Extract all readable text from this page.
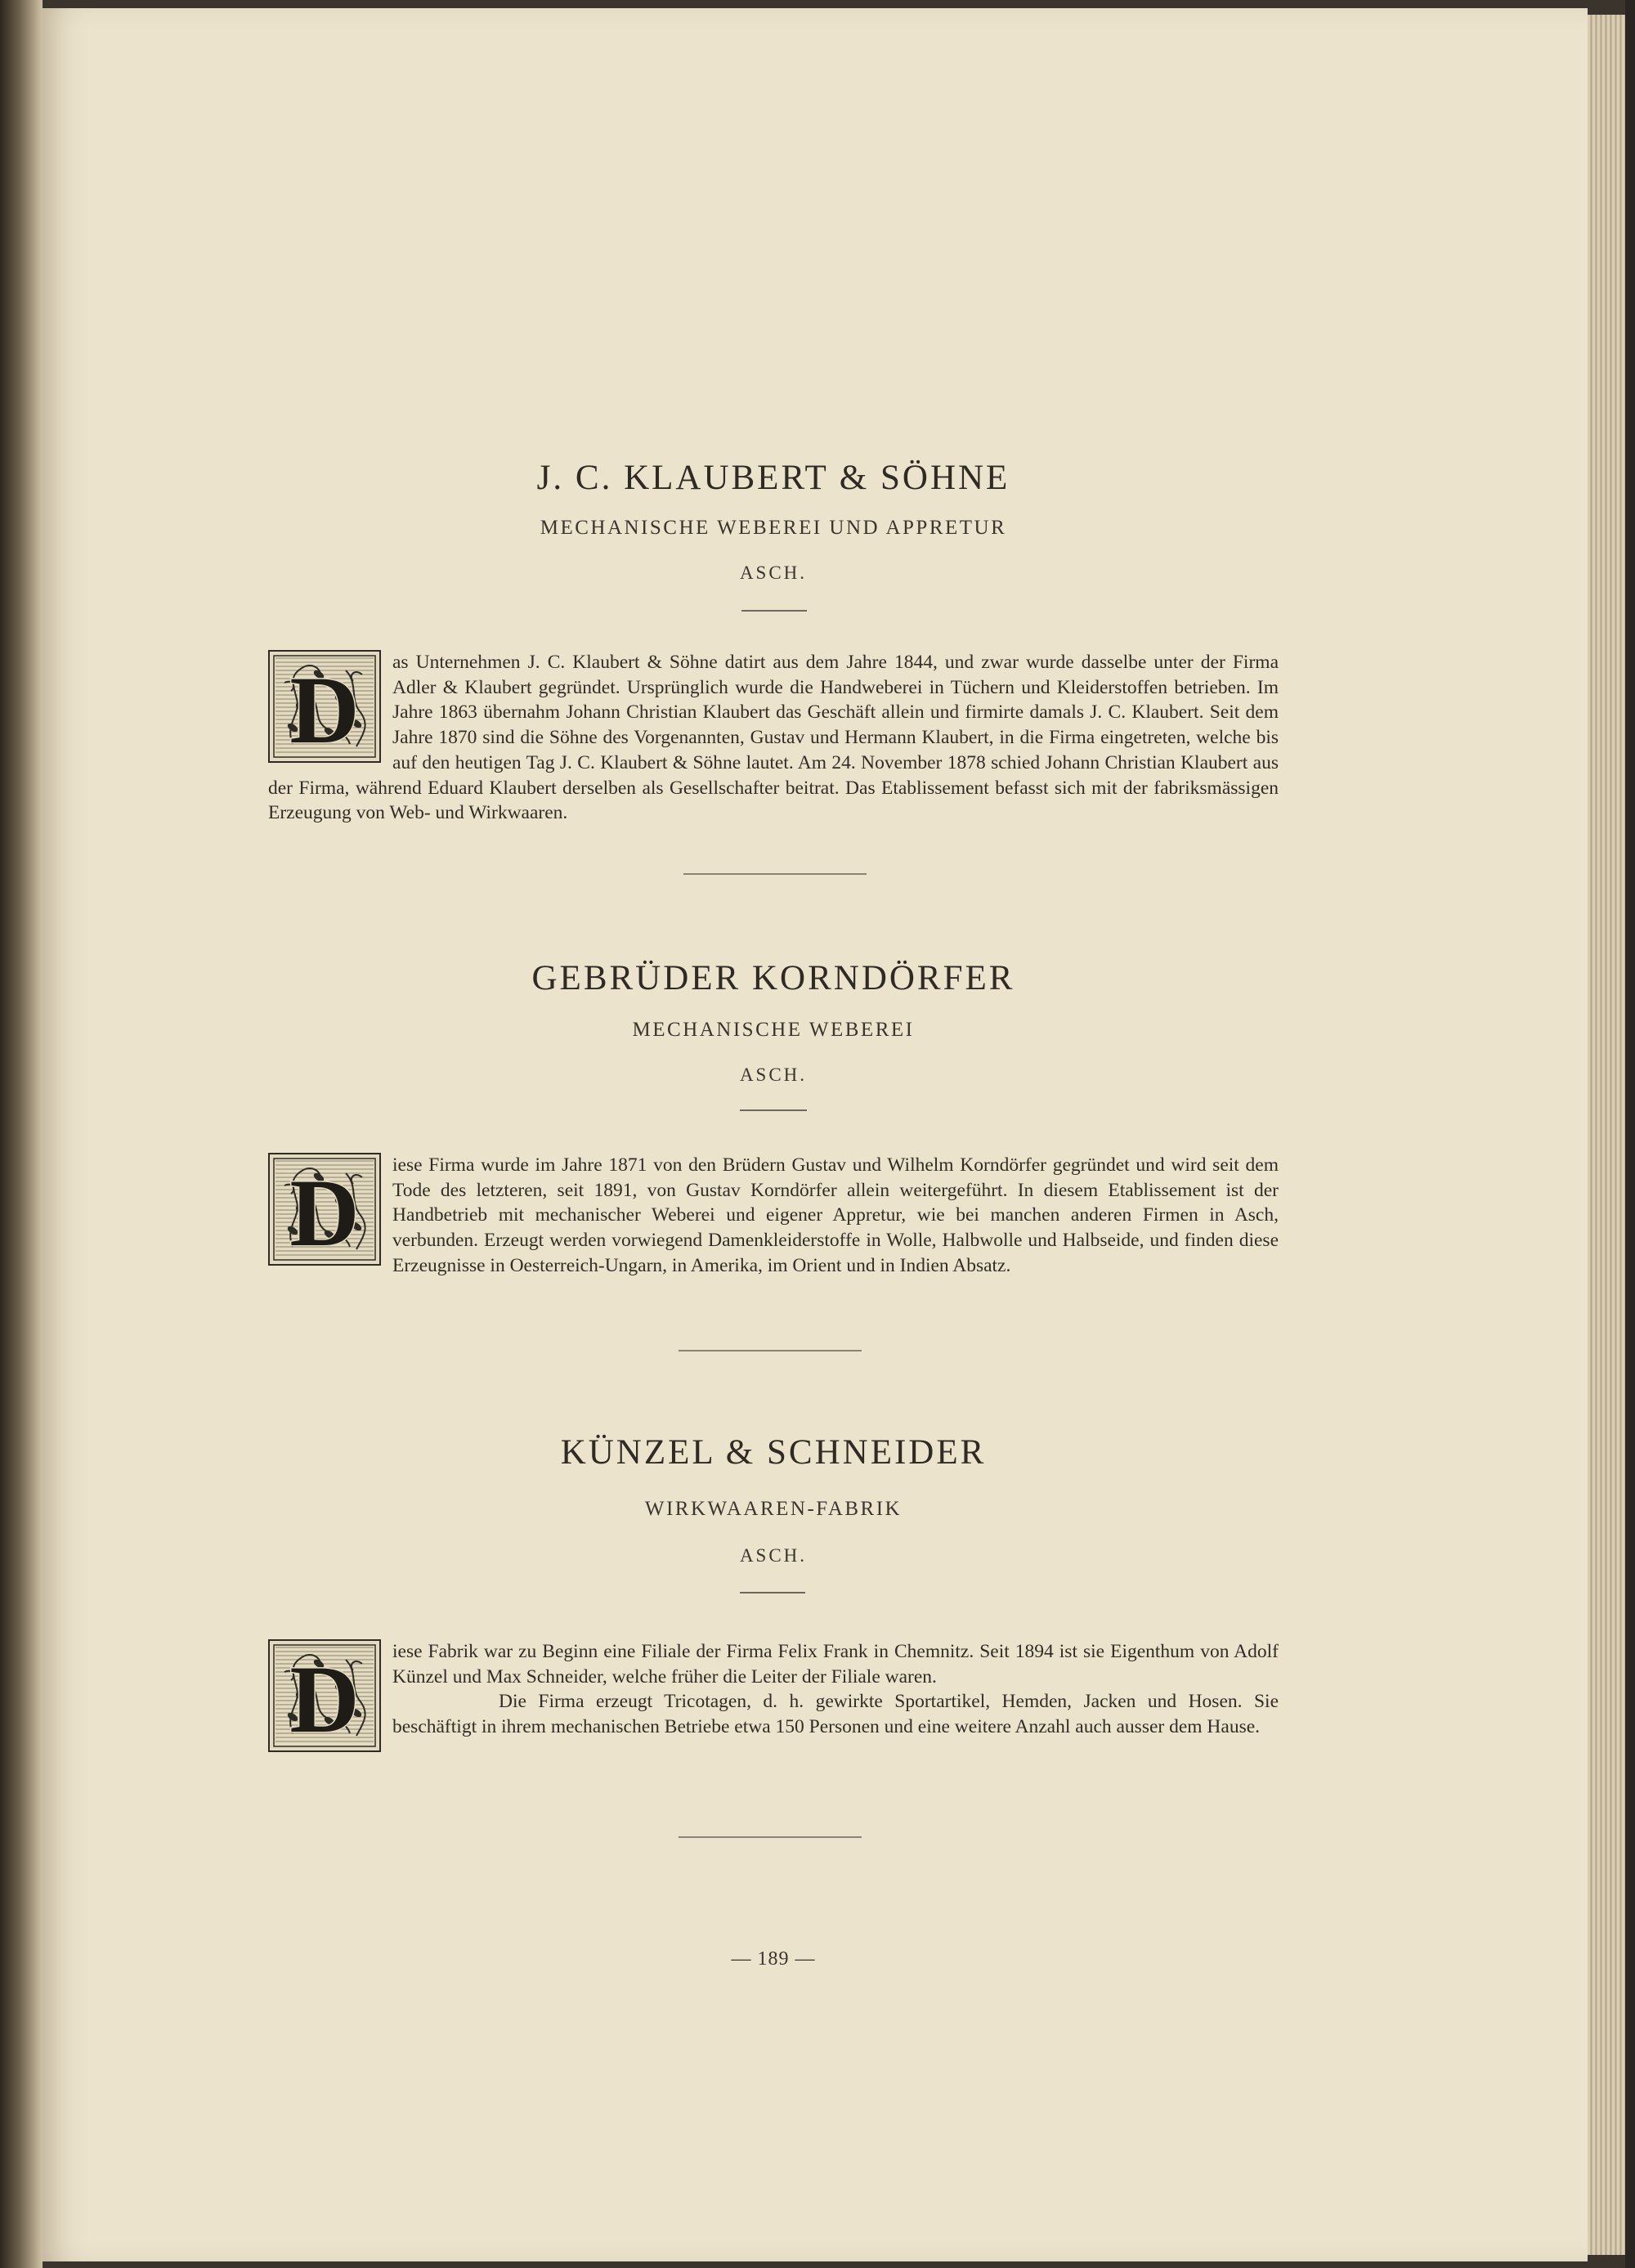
J. C. KLAUBERT & SÖHNE
MECHANISCHE WEBEREI UND APPRETUR
ASCH.
D	as Unternehmen J. C. Klaubert & Söhne datirt aus dem Jahre 1844, und zwar wurde dasselbe unter der Firma Adler & Klaubert gegründet. Ursprünglich wurde die Handweberei in Tüchern und Kleiderstoffen betrieben. Im Jahre 1863 übernahm Johann Christian Klaubert das Geschäft allein und firmirte damals J. C. Klaubert. Seit dem Jahre 1870 sind die Söhne des Vorgenannten, Gustav und Hermann Klaubert, in die Firma eingetreten, welche bis auf den heutigen Tag J. C. Klaubert & Söhne lautet. Am 24. November 1878 schied Johann Christian Klaubert aus der Firma, während Eduard Klaubert derselben als Gesellschafter beitrat. Das Etablissement befasst sich mit der fabriksmässigen Erzeugung von Web- und Wirkwaaren.

GEBRÜDER KORNDÖRFER
MECHANISCHE WEBEREI
ASCH.
D	iese Firma wurde im Jahre 1871 von den Brüdern Gustav und Wilhelm Korndörfer gegründet und wird seit dem Tode des letzteren, seit 1891, von Gustav Korndörfer allein weitergeführt. In diesem Etablissement ist der Handbetrieb mit mechanischer Weberei und eigener Appretur, wie bei manchen anderen Firmen in Asch, verbunden. Erzeugt werden vorwiegend Damenkleiderstoffe in Wolle, Halbwolle und Halbseide, und finden diese Erzeugnisse in Oesterreich-Ungarn, in Amerika, im Orient und in Indien Absatz.

KÜNZEL & SCHNEIDER
WIRKWAAREN-FABRIK
ASCH.
D	iese Fabrik war zu Beginn eine Filiale der Firma Felix Frank in Chemnitz. Seit 1894 ist sie Eigenthum von Adolf Künzel und Max Schneider, welche früher die Leiter der Filiale waren.

Die Firma erzeugt Tricotagen, d. h. gewirkte Sportartikel, Hemden, Jacken und Hosen. Sie beschäftigt in ihrem mechanischen Betriebe etwa 150 Personen und eine weitere Anzahl auch ausser dem Hause.

— 189 —
